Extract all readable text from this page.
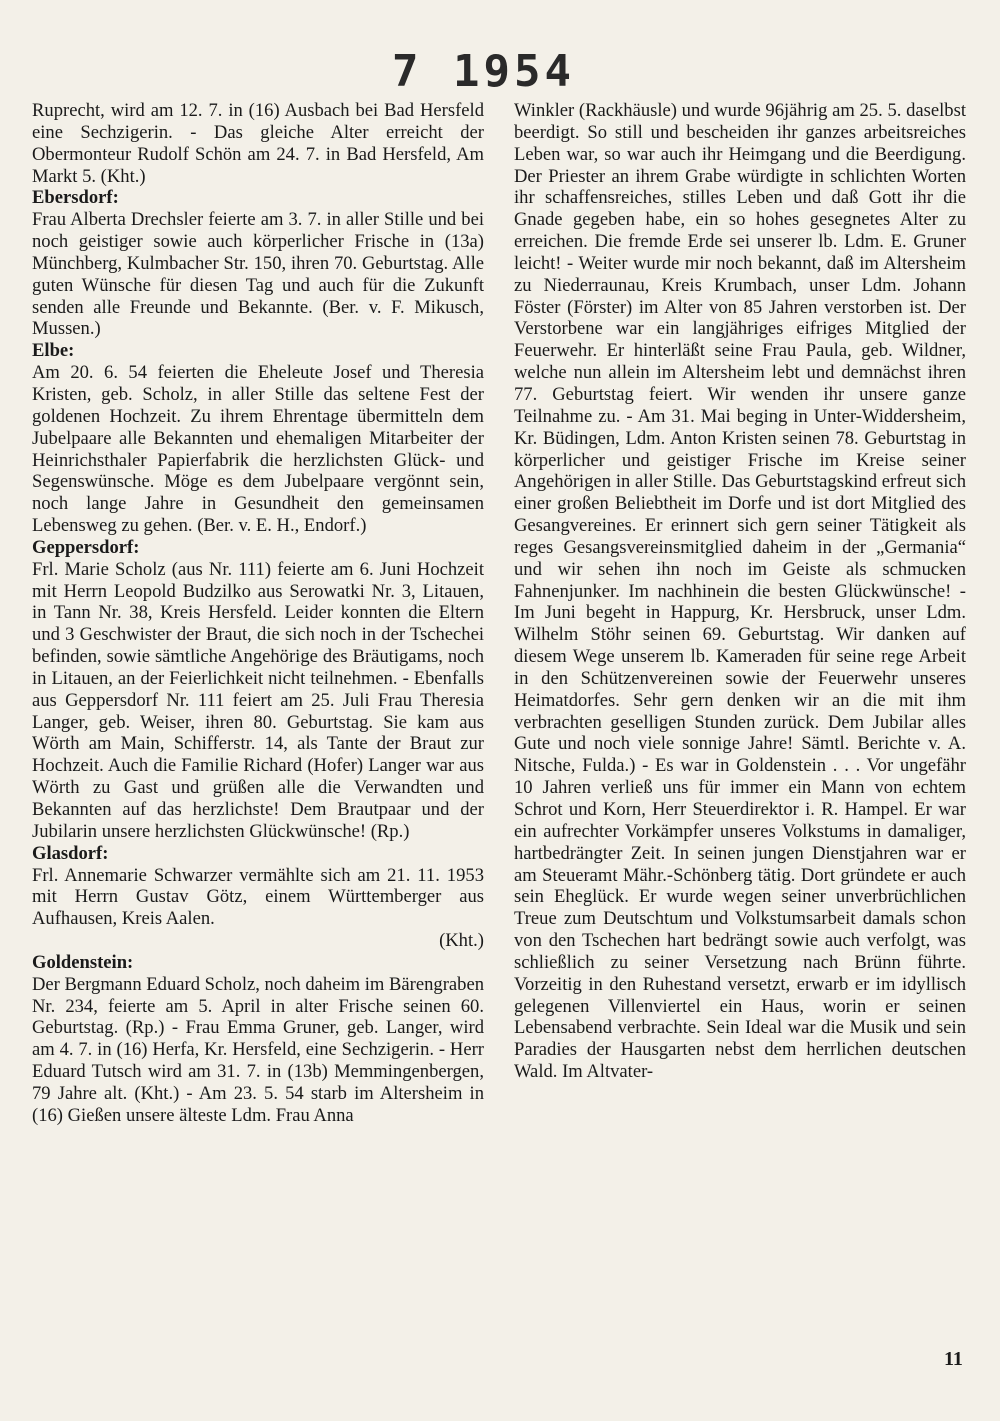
7 1954

Ruprecht, wird am 12. 7. in (16) Ausbach bei Bad Hersfeld eine Sechzigerin. - Das gleiche Alter erreicht der Obermonteur Rudolf Schön am 24. 7. in Bad Hersfeld, Am Markt 5. (Kht.)

Ebersdorf:

Frau Alberta Drechsler feierte am 3. 7. in aller Stille und bei noch geistiger sowie auch körperlicher Frische in (13a) Münchberg, Kulmbacher Str. 150, ihren 70. Geburtstag. Alle guten Wünsche für diesen Tag und auch für die Zukunft senden alle Freunde und Bekannte. (Ber. v. F. Mikusch, Mussen.)

Elbe:

Am 20. 6. 54 feierten die Eheleute Josef und Theresia Kristen, geb. Scholz, in aller Stille das seltene Fest der goldenen Hochzeit. Zu ihrem Ehrentage übermitteln dem Jubelpaare alle Bekannten und ehemaligen Mitarbeiter der Heinrichsthaler Papierfabrik die herzlichsten Glück- und Segenswünsche. Möge es dem Jubelpaare vergönnt sein, noch lange Jahre in Gesundheit den gemeinsamen Lebensweg zu gehen. (Ber. v. E. H., Endorf.)

Geppersdorf:

Frl. Marie Scholz (aus Nr. 111) feierte am 6. Juni Hochzeit mit Herrn Leopold Budzilko aus Serowatki Nr. 3, Litauen, in Tann Nr. 38, Kreis Hersfeld. Leider konnten die Eltern und 3 Geschwister der Braut, die sich noch in der Tschechei befinden, sowie sämtliche Angehörige des Bräutigams, noch in Litauen, an der Feierlichkeit nicht teilnehmen. - Ebenfalls aus Geppersdorf Nr. 111 feiert am 25. Juli Frau Theresia Langer, geb. Weiser, ihren 80. Geburtstag. Sie kam aus Wörth am Main, Schifferstr. 14, als Tante der Braut zur Hochzeit. Auch die Familie Richard (Hofer) Langer war aus Wörth zu Gast und grüßen alle die Verwandten und Bekannten auf das herzlichste! Dem Brautpaar und der Jubilarin unsere herzlichsten Glückwünsche! (Rp.)

Glasdorf:

Frl. Annemarie Schwarzer vermählte sich am 21. 11. 1953 mit Herrn Gustav Götz, einem Württemberger aus Aufhausen, Kreis Aalen.

(Kht.)

Goldenstein:

Der Bergmann Eduard Scholz, noch daheim im Bärengraben Nr. 234, feierte am 5. April in alter Frische seinen 60. Geburtstag. (Rp.) - Frau Emma Gruner, geb. Langer, wird am 4. 7. in (16) Herfa, Kr. Hersfeld, eine Sechzigerin. - Herr Eduard Tutsch wird am 31. 7. in (13b) Memmingenbergen, 79 Jahre alt. (Kht.) - Am 23. 5. 54 starb im Altersheim in (16) Gießen unsere älteste Ldm. Frau Anna

Winkler (Rackhäusle) und wurde 96jährig am 25. 5. daselbst beerdigt. So still und bescheiden ihr ganzes arbeitsreiches Leben war, so war auch ihr Heimgang und die Beerdigung. Der Priester an ihrem Grabe würdigte in schlichten Worten ihr schaffensreiches, stilles Leben und daß Gott ihr die Gnade gegeben habe, ein so hohes gesegnetes Alter zu erreichen. Die fremde Erde sei unserer lb. Ldm. E. Gruner leicht! - Weiter wurde mir noch bekannt, daß im Altersheim zu Niederraunau, Kreis Krumbach, unser Ldm. Johann Föster (Förster) im Alter von 85 Jahren verstorben ist. Der Verstorbene war ein langjähriges eifriges Mitglied der Feuerwehr. Er hinterläßt seine Frau Paula, geb. Wildner, welche nun allein im Altersheim lebt und demnächst ihren 77. Geburtstag feiert. Wir wenden ihr unsere ganze Teilnahme zu. - Am 31. Mai beging in Unter-Widdersheim, Kr. Büdingen, Ldm. Anton Kristen seinen 78. Geburtstag in körperlicher und geistiger Frische im Kreise seiner Angehörigen in aller Stille. Das Geburtstagskind erfreut sich einer großen Beliebtheit im Dorfe und ist dort Mitglied des Gesangvereines. Er erinnert sich gern seiner Tätigkeit als reges Gesangsvereinsmitglied daheim in der „Germania“ und wir sehen ihn noch im Geiste als schmucken Fahnenjunker. Im nachhinein die besten Glückwünsche! - Im Juni begeht in Happurg, Kr. Hersbruck, unser Ldm. Wilhelm Stöhr seinen 69. Geburtstag. Wir danken auf diesem Wege unserem lb. Kameraden für seine rege Arbeit in den Schützenvereinen sowie der Feuerwehr unseres Heimatdorfes. Sehr gern denken wir an die mit ihm verbrachten geselligen Stunden zurück. Dem Jubilar alles Gute und noch viele sonnige Jahre! Sämtl. Berichte v. A. Nitsche, Fulda.) - Es war in Goldenstein . . . Vor ungefähr 10 Jahren verließ uns für immer ein Mann von echtem Schrot und Korn, Herr Steuerdirektor i. R. Hampel. Er war ein aufrechter Vorkämpfer unseres Volkstums in damaliger, hartbedrängter Zeit. In seinen jungen Dienstjahren war er am Steueramt Mähr.-Schönberg tätig. Dort gründete er auch sein Eheglück. Er wurde wegen seiner unverbrüchlichen Treue zum Deutschtum und Volkstumsarbeit damals schon von den Tschechen hart bedrängt sowie auch verfolgt, was schließlich zu seiner Versetzung nach Brünn führte. Vorzeitig in den Ruhestand versetzt, erwarb er im idyllisch gelegenen Villenviertel ein Haus, worin er seinen Lebensabend verbrachte. Sein Ideal war die Musik und sein Paradies der Hausgarten nebst dem herrlichen deutschen Wald. Im Altvater-

11
